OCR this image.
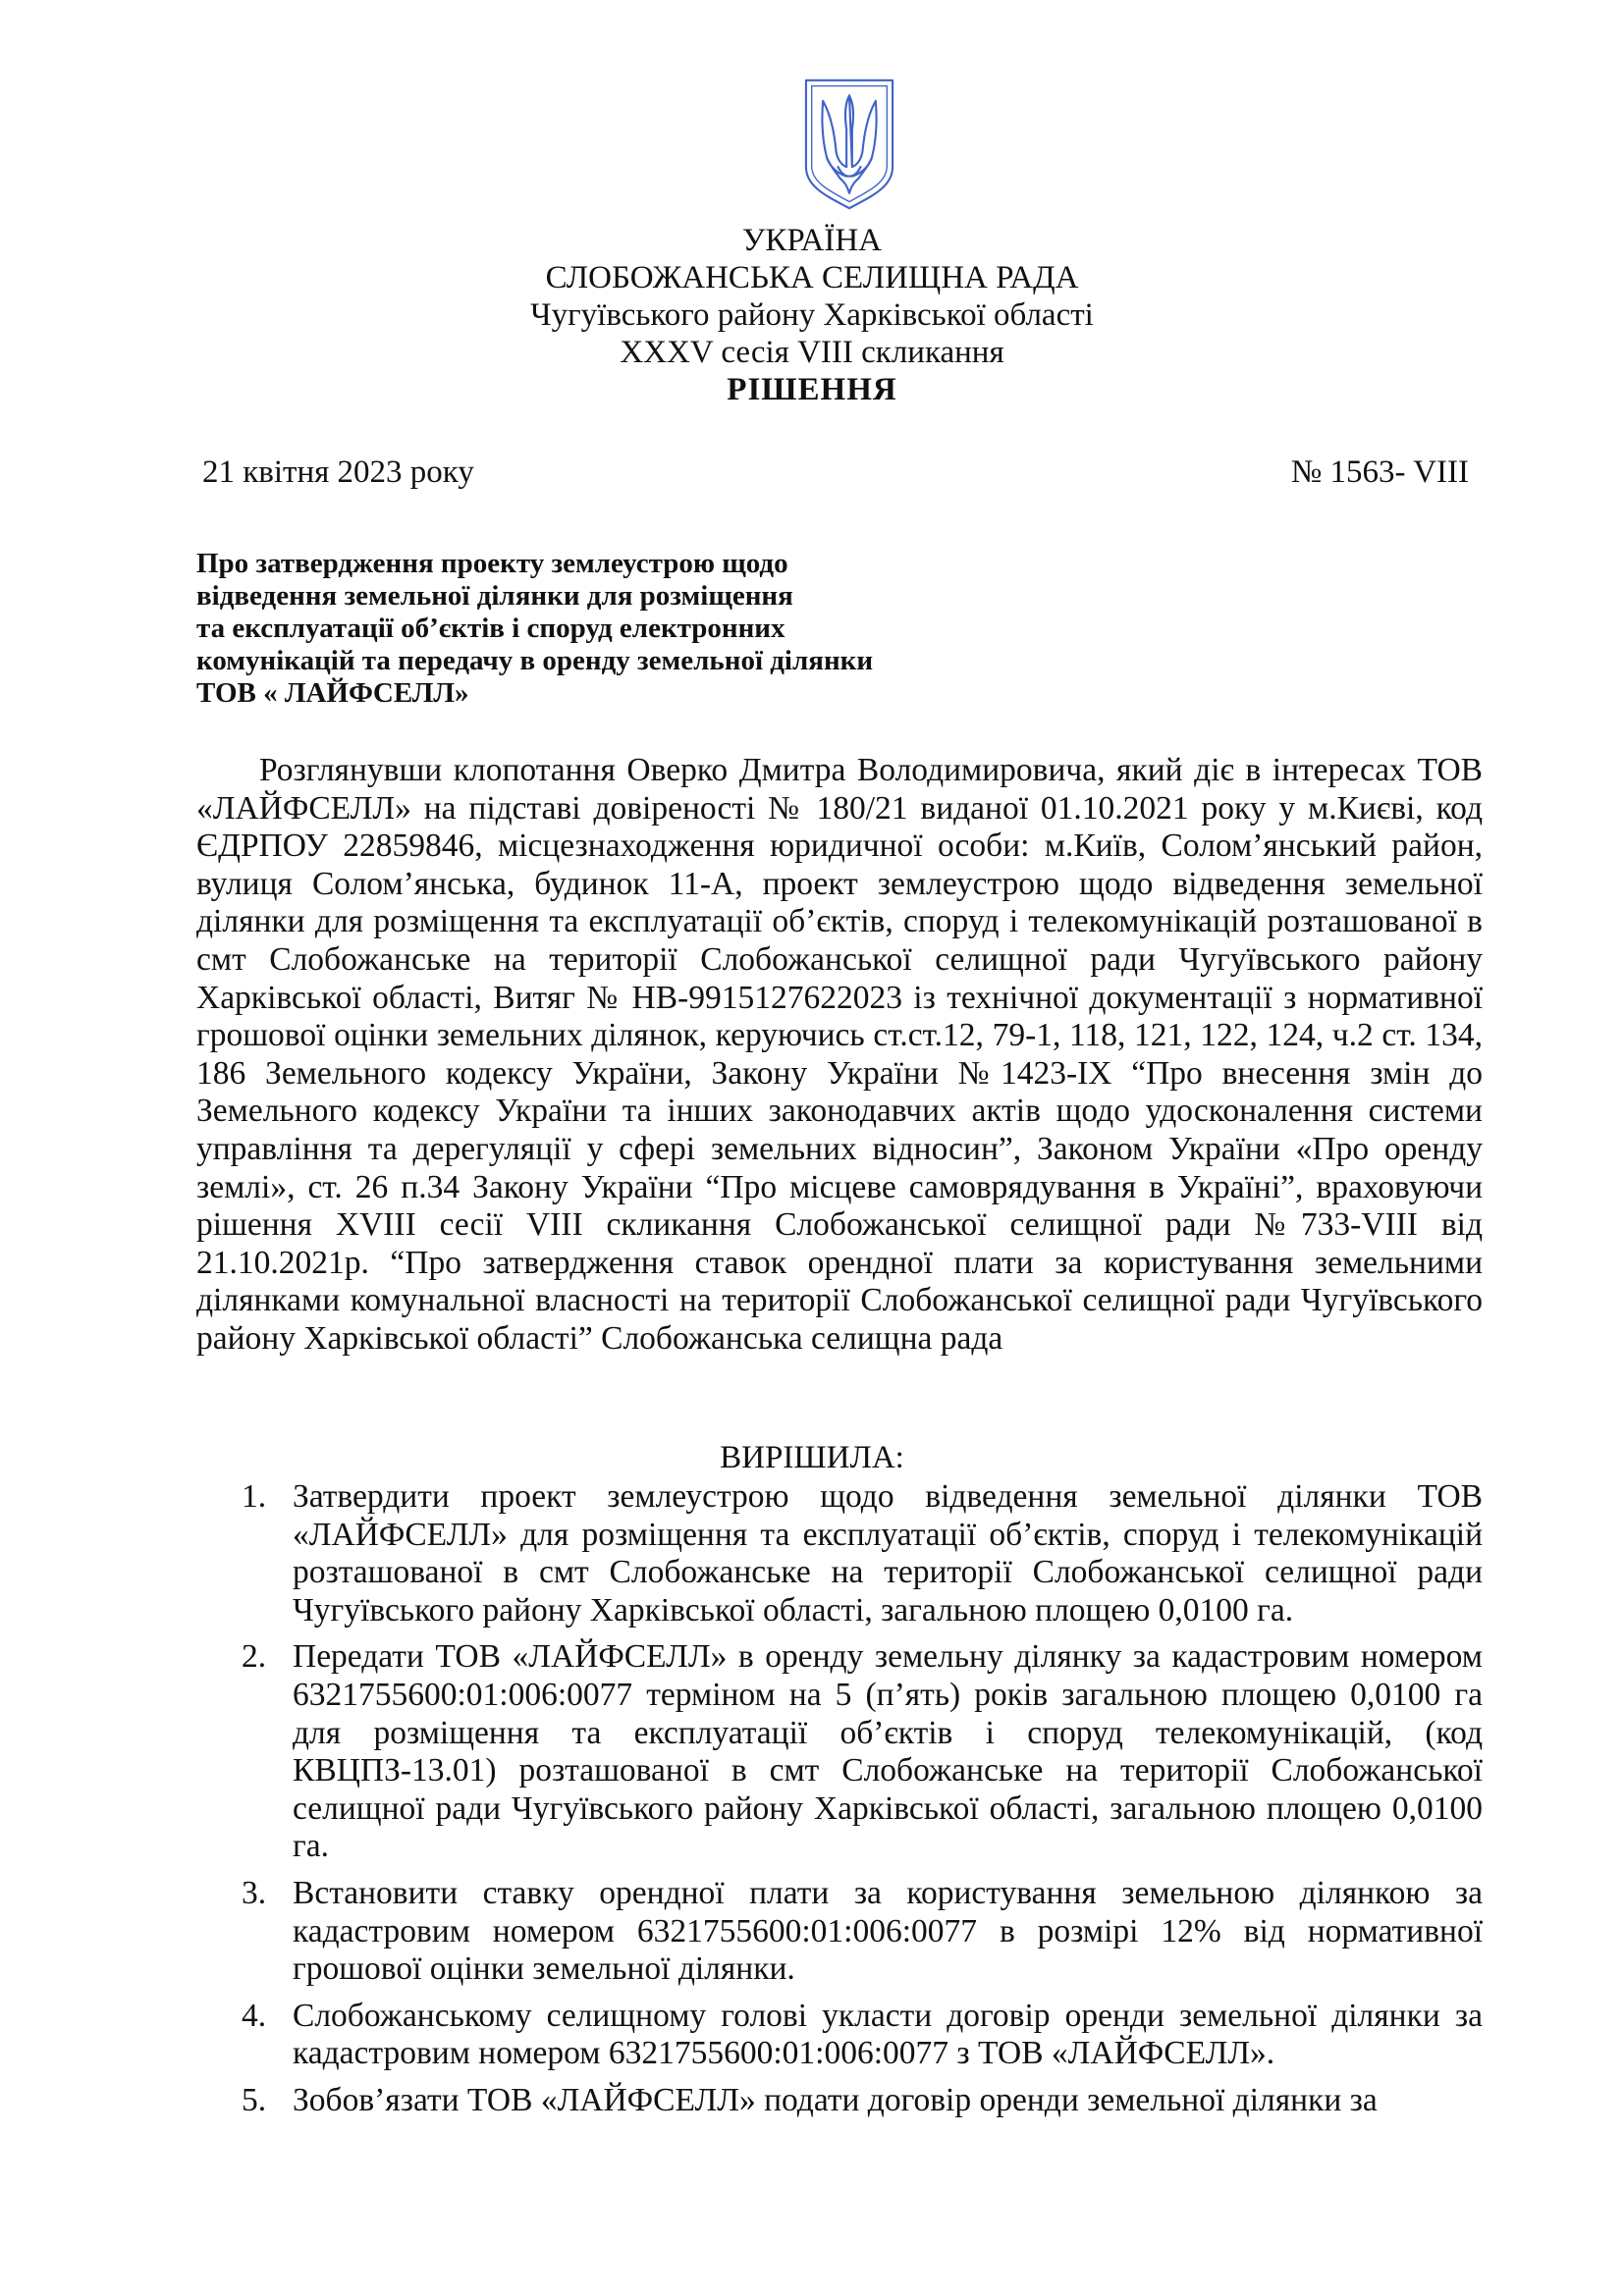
УКРАЇНА
СЛОБОЖАНСЬКА СЕЛИЩНА РАДА
Чугуївського району Харківської області
XXXV сесія VIII скликання
РІШЕННЯ
21 квітня 2023 року	№ 1563- VIII
Про затвердження проекту землеустрою щодо
відведення земельної ділянки для розміщення
та експлуатації об’єктів і споруд електронних
комунікацій та передачу в оренду земельної ділянки
ТОВ « ЛАЙФСЕЛЛ»

Розглянувши клопотання Оверко Дмитра Володимировича, який діє в інтересах ТОВ «ЛАЙФСЕЛЛ» на підставі довіреності № 180/21 виданої 01.10.2021 року у м.Києві, код ЄДРПОУ 22859846, місцезнаходження юридичної особи: м.Київ, Солом’янський район, вулиця Солом’янська, будинок 11-А, проект землеустрою щодо відведення земельної ділянки для розміщення та експлуатації об’єктів, споруд і телекомунікацій розташованої в смт Слобожанське на території Слобожанської селищної ради Чугуївського району Харківської області, Витяг № НВ-9915127622023 із технічної документації з нормативної грошової оцінки земельних ділянок, керуючись ст.ст.12, 79-1, 118, 121, 122, 124, ч.2 ст. 134, 186 Земельного кодексу України, Закону України №1423-IX “Про внесення змін до Земельного кодексу України та інших законодавчих актів щодо удосконалення системи управління та дерегуляції у сфері земельних відносин”, Законом України «Про оренду землі», ст. 26 п.34 Закону України “Про місцеве самоврядування в Україні”, враховуючи рішення XVIII сесії VIII скликання Слобожанської селищної ради №733-VIII від 21.10.2021р. “Про затвердження ставок орендної плати за користування земельними ділянками комунальної власності на території Слобожанської селищної ради Чугуївського району Харківської області” Слобожанська селищна рада

ВИРІШИЛА:
1. Затвердити проект землеустрою щодо відведення земельної ділянки ТОВ «ЛАЙФСЕЛЛ» для розміщення та експлуатації об’єктів, споруд і телекомунікацій розташованої в смт Слобожанське на території Слобожанської селищної ради Чугуївського району Харківської області, загальною площею 0,0100 га.
2. Передати ТОВ «ЛАЙФСЕЛЛ» в оренду земельну ділянку за кадастровим номером 6321755600:01:006:0077 терміном на 5 (п’ять) років загальною площею 0,0100 га для розміщення та експлуатації об’єктів і споруд телекомунікацій, (код КВЦПЗ-13.01) розташованої в смт Слобожанське на території Слобожанської селищної ради Чугуївського району Харківської області, загальною площею 0,0100 га.
3. Встановити ставку орендної плати за користування земельною ділянкою за кадастровим номером 6321755600:01:006:0077 в розмірі 12% від нормативної грошової оцінки земельної ділянки.
4. Слобожанському селищному голові укласти договір оренди земельної ділянки за кадастровим номером 6321755600:01:006:0077 з ТОВ «ЛАЙФСЕЛЛ».
5. Зобов’язати ТОВ «ЛАЙФСЕЛЛ» подати договір оренди земельної ділянки за
